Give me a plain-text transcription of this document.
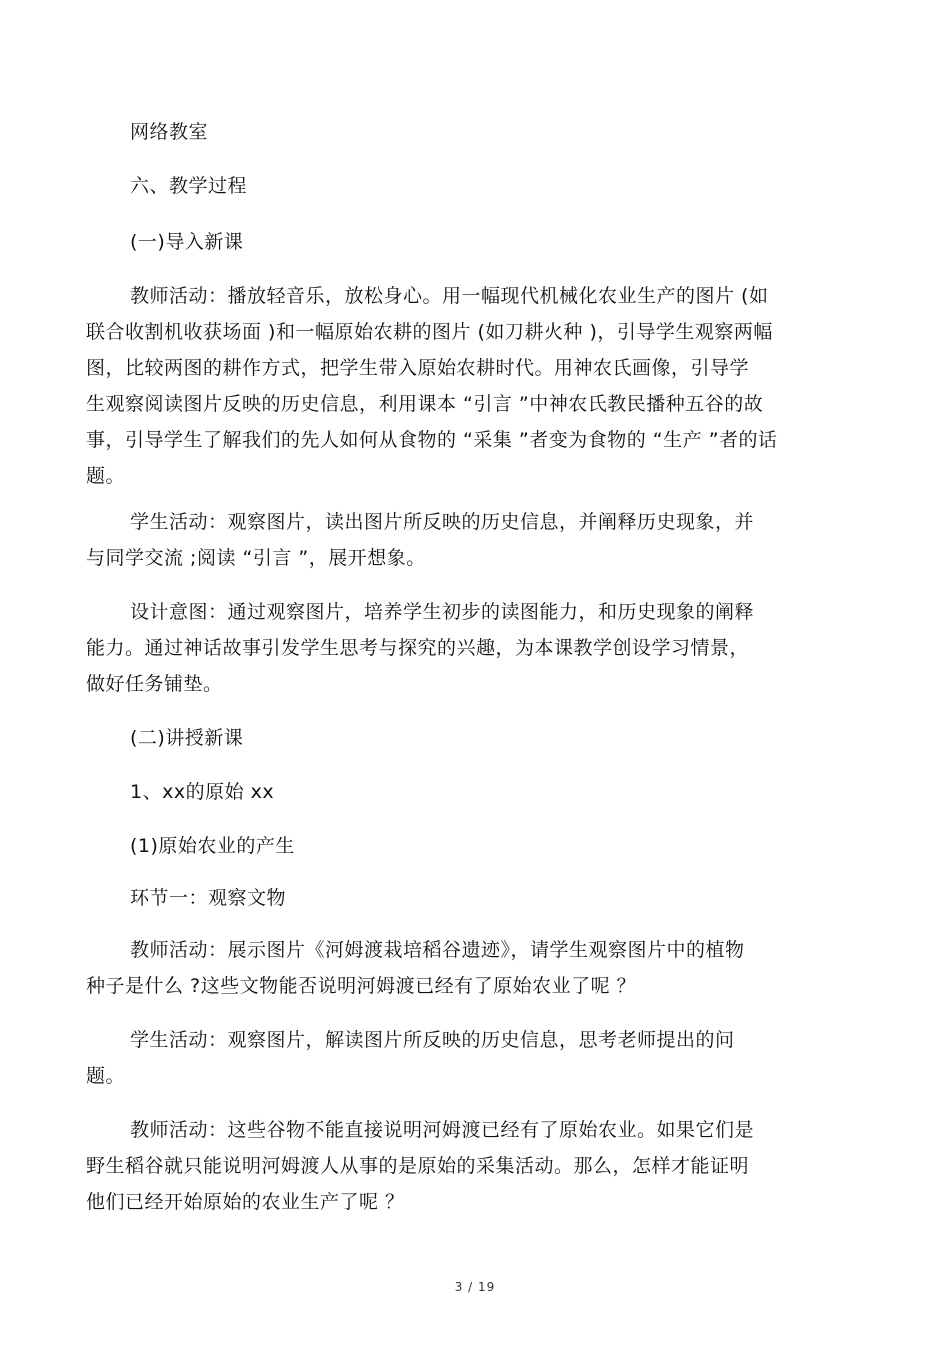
网络教室
六、教学过程
(一)导入新课
教师活动：播放轻音乐，放松身心。用一幅现代机械化农业生产的图片 (如
联合收割机收获场面 )和一幅原始农耕的图片 (如刀耕火种 )，引导学生观察两幅
图，比较两图的耕作方式，把学生带入原始农耕时代。用神农氏画像，引导学
生观察阅读图片反映的历史信息，利用课本 “引言 ”中神农氏教民播种五谷的故
事，引导学生了解我们的先人如何从食物的 “采集 ”者变为食物的 “生产 ”者的话
题。
学生活动：观察图片，读出图片所反映的历史信息，并阐释历史现象，并
与同学交流 ;阅读 “引言 ”，展开想象。
设计意图：通过观察图片，培养学生初步的读图能力，和历史现象的阐释
能力。通过神话故事引发学生思考与探究的兴趣，为本课教学创设学习情景，
做好任务铺垫。
(二)讲授新课
1、xx的原始 xx
(1)原始农业的产生
环节一：观察文物
教师活动：展示图片《河姆渡栽培稻谷遗迹》，请学生观察图片中的植物
种子是什么 ?这些文物能否说明河姆渡已经有了原始农业了呢 ？
学生活动：观察图片，解读图片所反映的历史信息，思考老师提出的问
题。
教师活动：这些谷物不能直接说明河姆渡已经有了原始农业。如果它们是
野生稻谷就只能说明河姆渡人从事的是原始的采集活动。那么，怎样才能证明
他们已经开始原始的农业生产了呢 ？
3 / 19
